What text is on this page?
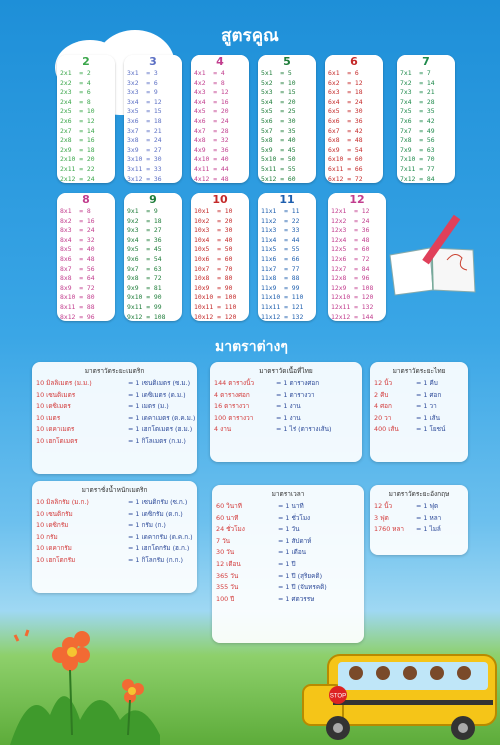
สูตรคูณ
มาตราต่างๆ
2
2x1  = 2
2x2  = 4
2x3  = 6
2x4  = 8
2x5  = 10
2x6  = 12
2x7  = 14
2x8  = 16
2x9  = 18
2x10 = 20
2x11 = 22
2x12 = 24
3
3x1  = 3
3x2  = 6
3x3  = 9
3x4  = 12
3x5  = 15
3x6  = 18
3x7  = 21
3x8  = 24
3x9  = 27
3x10 = 30
3x11 = 33
3x12 = 36
4
4x1  = 4
4x2  = 8
4x3  = 12
4x4  = 16
4x5  = 20
4x6  = 24
4x7  = 28
4x8  = 32
4x9  = 36
4x10 = 40
4x11 = 44
4x12 = 48
5
5x1  = 5
5x2  = 10
5x3  = 15
5x4  = 20
5x5  = 25
5x6  = 30
5x7  = 35
5x8  = 40
5x9  = 45
5x10 = 50
5x11 = 55
5x12 = 60
6
6x1  = 6
6x2  = 12
6x3  = 18
6x4  = 24
6x5  = 30
6x6  = 36
6x7  = 42
6x8  = 48
6x9  = 54
6x10 = 60
6x11 = 66
6x12 = 72
7
7x1  = 7
7x2  = 14
7x3  = 21
7x4  = 28
7x5  = 35
7x6  = 42
7x7  = 49
7x8  = 56
7x9  = 63
7x10 = 70
7x11 = 77
7x12 = 84
8
8x1  = 8
8x2  = 16
8x3  = 24
8x4  = 32
8x5  = 40
8x6  = 48
8x7  = 56
8x8  = 64
8x9  = 72
8x10 = 80
8x11 = 88
8x12 = 96
9
9x1  = 9
9x2  = 18
9x3  = 27
9x4  = 36
9x5  = 45
9x6  = 54
9x7  = 63
9x8  = 72
9x9  = 81
9x10 = 90
9x11 = 99
9x12 = 108
10
10x1  = 10
10x2  = 20
10x3  = 30
10x4  = 40
10x5  = 50
10x6  = 60
10x7  = 70
10x8  = 80
10x9  = 90
10x10 = 100
10x11 = 110
10x12 = 120
11
11x1  = 11
11x2  = 22
11x3  = 33
11x4  = 44
11x5  = 55
11x6  = 66
11x7  = 77
11x8  = 88
11x9  = 99
11x10 = 110
11x11 = 121
11x12 = 132
12
12x1  = 12
12x2  = 24
12x3  = 36
12x4  = 48
12x5  = 60
12x6  = 72
12x7  = 84
12x8  = 96
12x9  = 108
12x10 = 120
12x11 = 132
12x12 = 144
มาตราวัดระยะเมตริก
10 มิลลิเมตร (ม.ม.)	= 1 เซนติเมตร (ซ.ม.)
10 เซนติเมตร	= 1 เดซิเมตร (ด.ม.)
10 เดซิเมตร	= 1 เมตร (ม.)
10 เมตร	= 1 เดคาเมตร (ด.ค.ม.)
10 เดคาเมตร	= 1 เฮกโตเมตร (ฮ.ม.)
10 เฮกโตเมตร	= 1 กิโลเมตร (ก.ม.)
มาตราวัดเนื้อที่ไทย
144 ตารางนิ้ว	= 1 ตารางศอก
4 ตารางศอก	= 1 ตารางวา
16 ตารางวา	= 1 งาน
100 ตารางวา	= 1 งาน
4 งาน	= 1 ไร่ (ตารางเส้น)
มาตราวัดระยะไทย
12 นิ้ว	= 1 คืบ
2 คืบ	= 1 ศอก
4 ศอก	= 1 วา
20 วา	= 1 เส้น
400 เส้น	= 1 โยชน์
มาตราชั่งน้ำหนักเมตริก
10 มิลลิกรัม (ม.ก.)	= 1 เซนติกรัม (ซ.ก.)
10 เซนติกรัม	= 1 เดซิกรัม (ด.ก.)
10 เดซิกรัม	= 1 กรัม (ก.)
10 กรัม	= 1 เดคากรัม (ด.ค.ก.)
10 เดคากรัม	= 1 เฮกโตกรัม (ฮ.ก.)
10 เฮกโตกรัม	= 1 กิโลกรัม (ก.ก.)
มาตราเวลา
60 วินาที	= 1 นาที
60 นาที	= 1 ชั่วโมง
24 ชั่วโมง	= 1 วัน
7 วัน	= 1 สัปดาห์
30 วัน	= 1 เดือน
12 เดือน	= 1 ปี
365 วัน	= 1 ปี (สุริยคติ)
355 วัน	= 1 ปี (จันทรคติ)
100 ปี	= 1 ศตวรรษ
มาตราวัดระยะอังกฤษ
12 นิ้ว	= 1 ฟุต
3 ฟุต	= 1 หลา
1760 หลา	= 1 ไมล์
STOP
